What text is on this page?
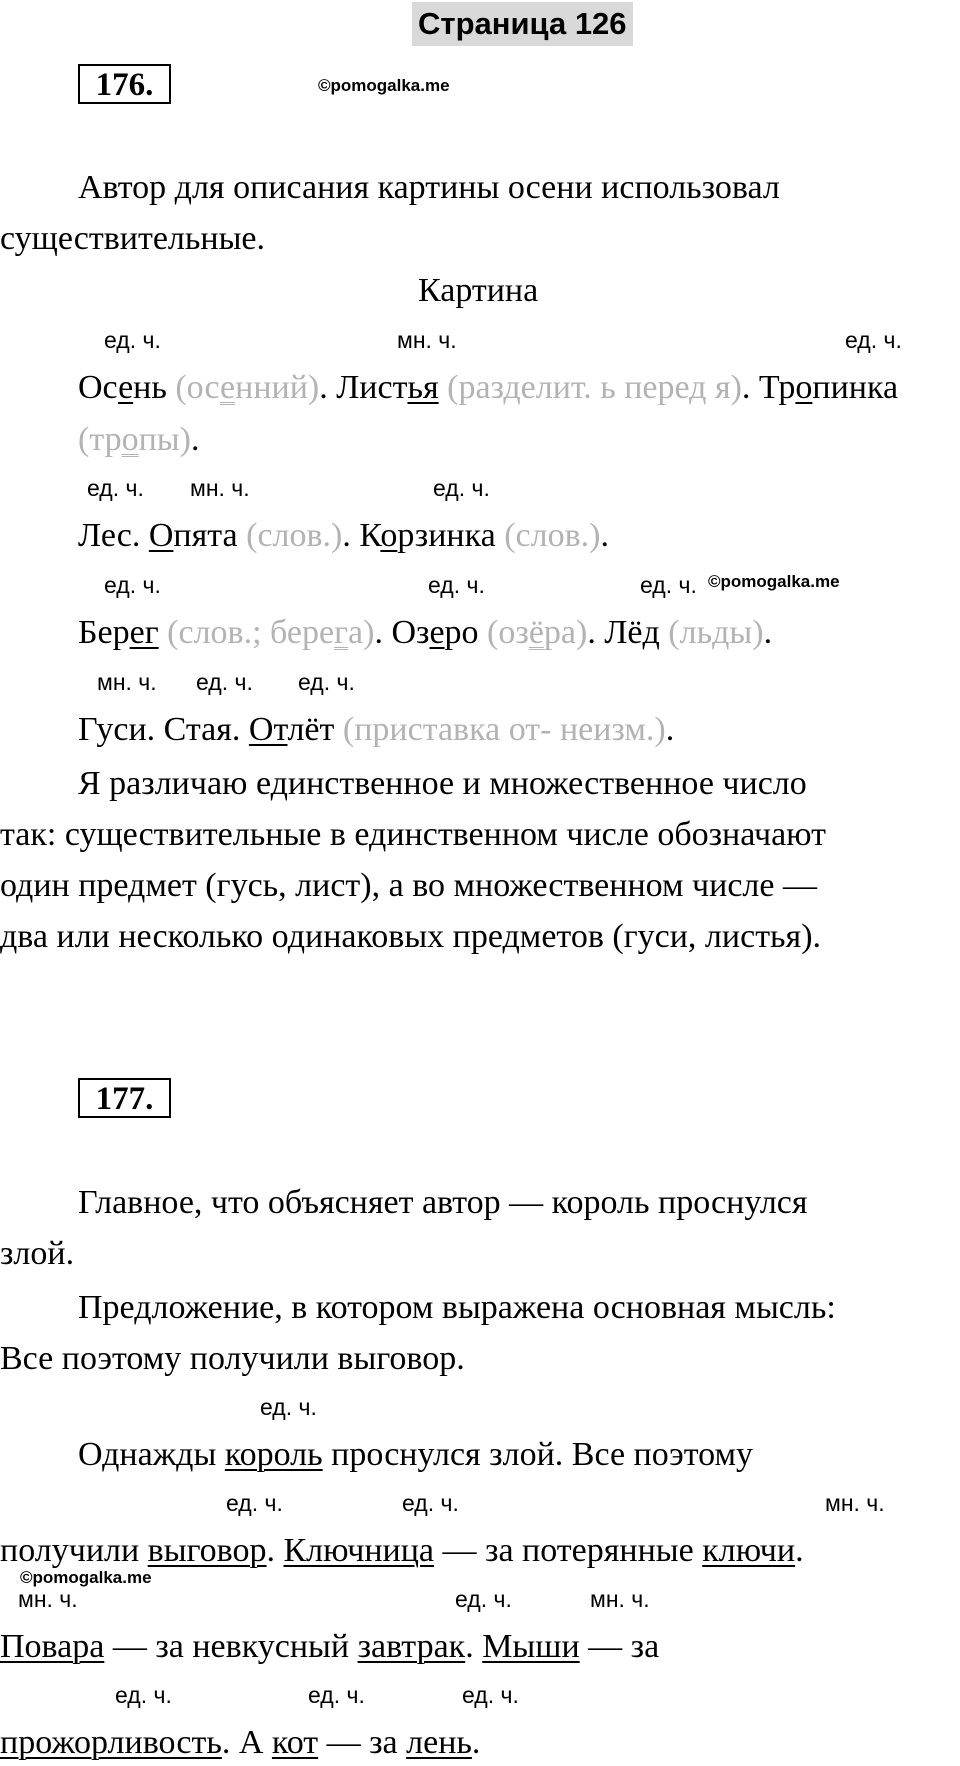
Страница 126
176.	©pomogalka.me
Автор для описания картины осени использовал
существительные.
Картина
ед. ч.	мн. ч.	ед. ч.
Осень (осенний). Листья (разделит. ь перед я). Тропинка
(тропы).
ед. ч. мн. ч.	ед. ч.
Лес. Опята (слов.). Корзинка (слов.).
ед. ч.	ед. ч.	ед. ч. ©pomogalka.me
Берег (слов.; берега). Озеро (озёра). Лёд (льды).
мн. ч. ед. ч. ед. ч.
Гуси. Стая. Отлёт (приставка от- неизм.).
Я различаю единственное и множественное число
так: существительные в единственном числе обозначают
один предмет (гусь, лист), а во множественном числе —
два или несколько одинаковых предметов (гуси, листья).
177.
Главное, что объясняет автор — король проснулся
злой.
Предложение, в котором выражена основная мысль:
Все поэтому получили выговор.
ед. ч.
Однажды король проснулся злой. Все поэтому
ед. ч.	ед. ч.	мн. ч.
получили выговор. Ключница — за потерянные ключи.
©pomogalka.me
мн. ч.	ед. ч.	мн. ч.
Повара — за невкусный завтрак. Мыши — за
ед. ч.	ед. ч.	ед. ч.
прожорливость. А кот — за лень.
